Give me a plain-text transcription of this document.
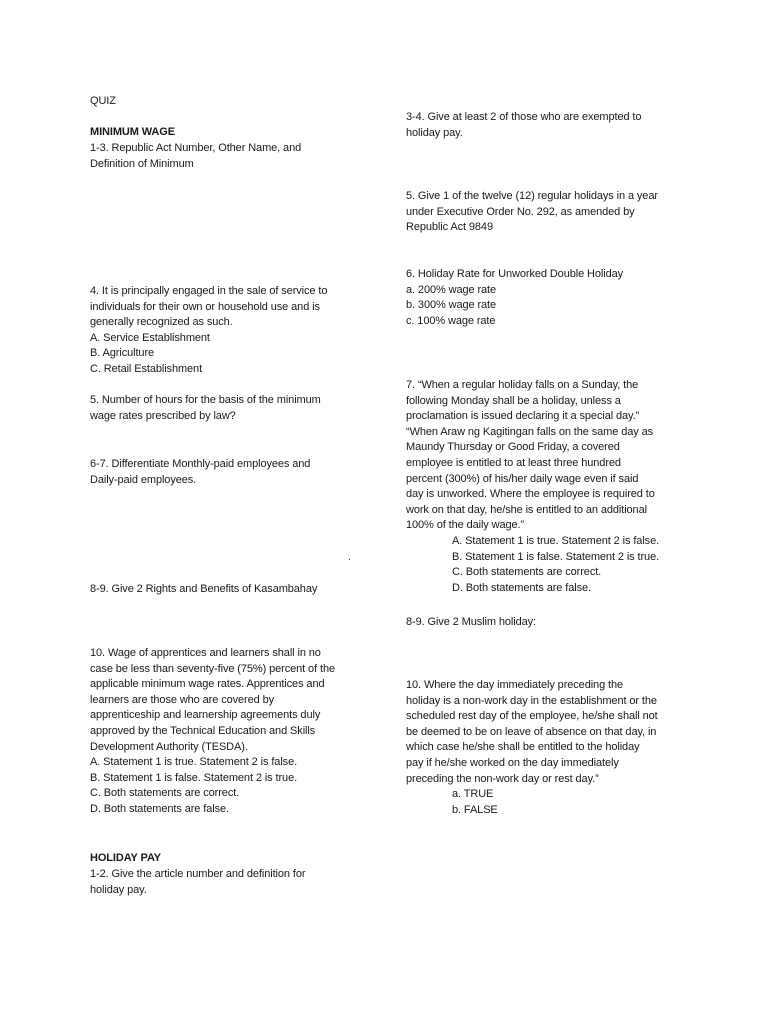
QUIZ
MINIMUM WAGE
1-3. Republic Act Number, Other Name, and
Definition of Minimum
4. It is principally engaged in the sale of service to
individuals for their own or household use and is
generally recognized as such.
A. Service Establishment
B. Agriculture
C. Retail Establishment
5. Number of hours for the basis of the minimum
wage rates prescribed by law?
6-7. Differentiate Monthly-paid employees and
Daily-paid employees.
8-9. Give 2 Rights and Benefits of Kasambahay
10. Wage of apprentices and learners shall in no
case be less than seventy-five (75%) percent of the
applicable minimum wage rates. Apprentices and
learners are those who are covered by
apprenticeship and learnership agreements duly
approved by the Technical Education and Skills
Development Authority (TESDA).
A. Statement 1 is true. Statement 2 is false.
B. Statement 1 is false. Statement 2 is true.
C. Both statements are correct.
D. Both statements are false.
HOLIDAY PAY
1-2. Give the article number and definition for
holiday pay.
3-4. Give at least 2 of those who are exempted to
holiday pay.
5. Give 1 of the twelve (12) regular holidays in a year
under Executive Order No. 292, as amended by
Republic Act 9849
6. Holiday Rate for Unworked Double Holiday
a. 200% wage rate
b. 300% wage rate
c. 100% wage rate
7. “When a regular holiday falls on a Sunday, the
following Monday shall be a holiday, unless a
proclamation is issued declaring it a special day.”
“When Araw ng Kagitingan falls on the same day as
Maundy Thursday or Good Friday, a covered
employee is entitled to at least three hundred
percent (300%) of his/her daily wage even if said
day is unworked. Where the employee is required to
work on that day, he/she is entitled to an additional
100% of the daily wage.”
A. Statement 1 is true. Statement 2 is false.
B. Statement 1 is false. Statement 2 is true.
C. Both statements are correct.
D. Both statements are false.
8-9. Give 2 Muslim holiday:
10. Where the day immediately preceding the
holiday is a non-work day in the establishment or the
scheduled rest day of the employee, he/she shall not
be deemed to be on leave of absence on that day, in
which case he/she shall be entitled to the holiday
pay if he/she worked on the day immediately
preceding the non-work day or rest day.”
a. TRUE
b. FALSE
.
